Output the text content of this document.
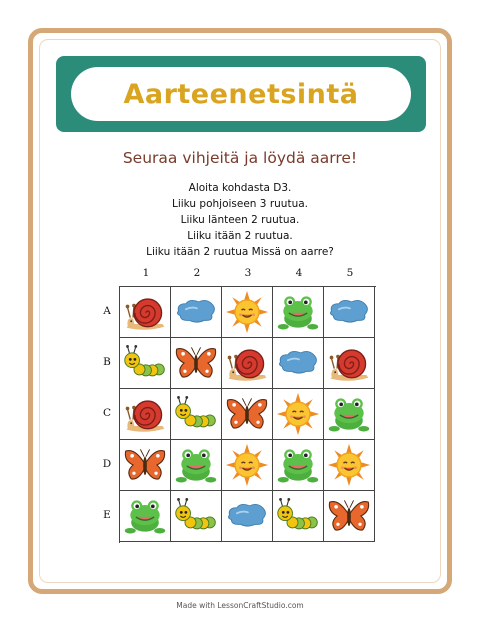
Aarteenetsintä
Seuraa vihjeitä ja löydä aarre!
Aloita kohdasta D3.
Liiku pohjoiseen 3 ruutua.
Liiku länteen 2 ruutua.
Liiku itään 2 ruutua.
Liiku itään 2 ruutua Missä on aarre?
1	2	3	4	5
A
B
C
D
E
Made with LessonCraftStudio.com
